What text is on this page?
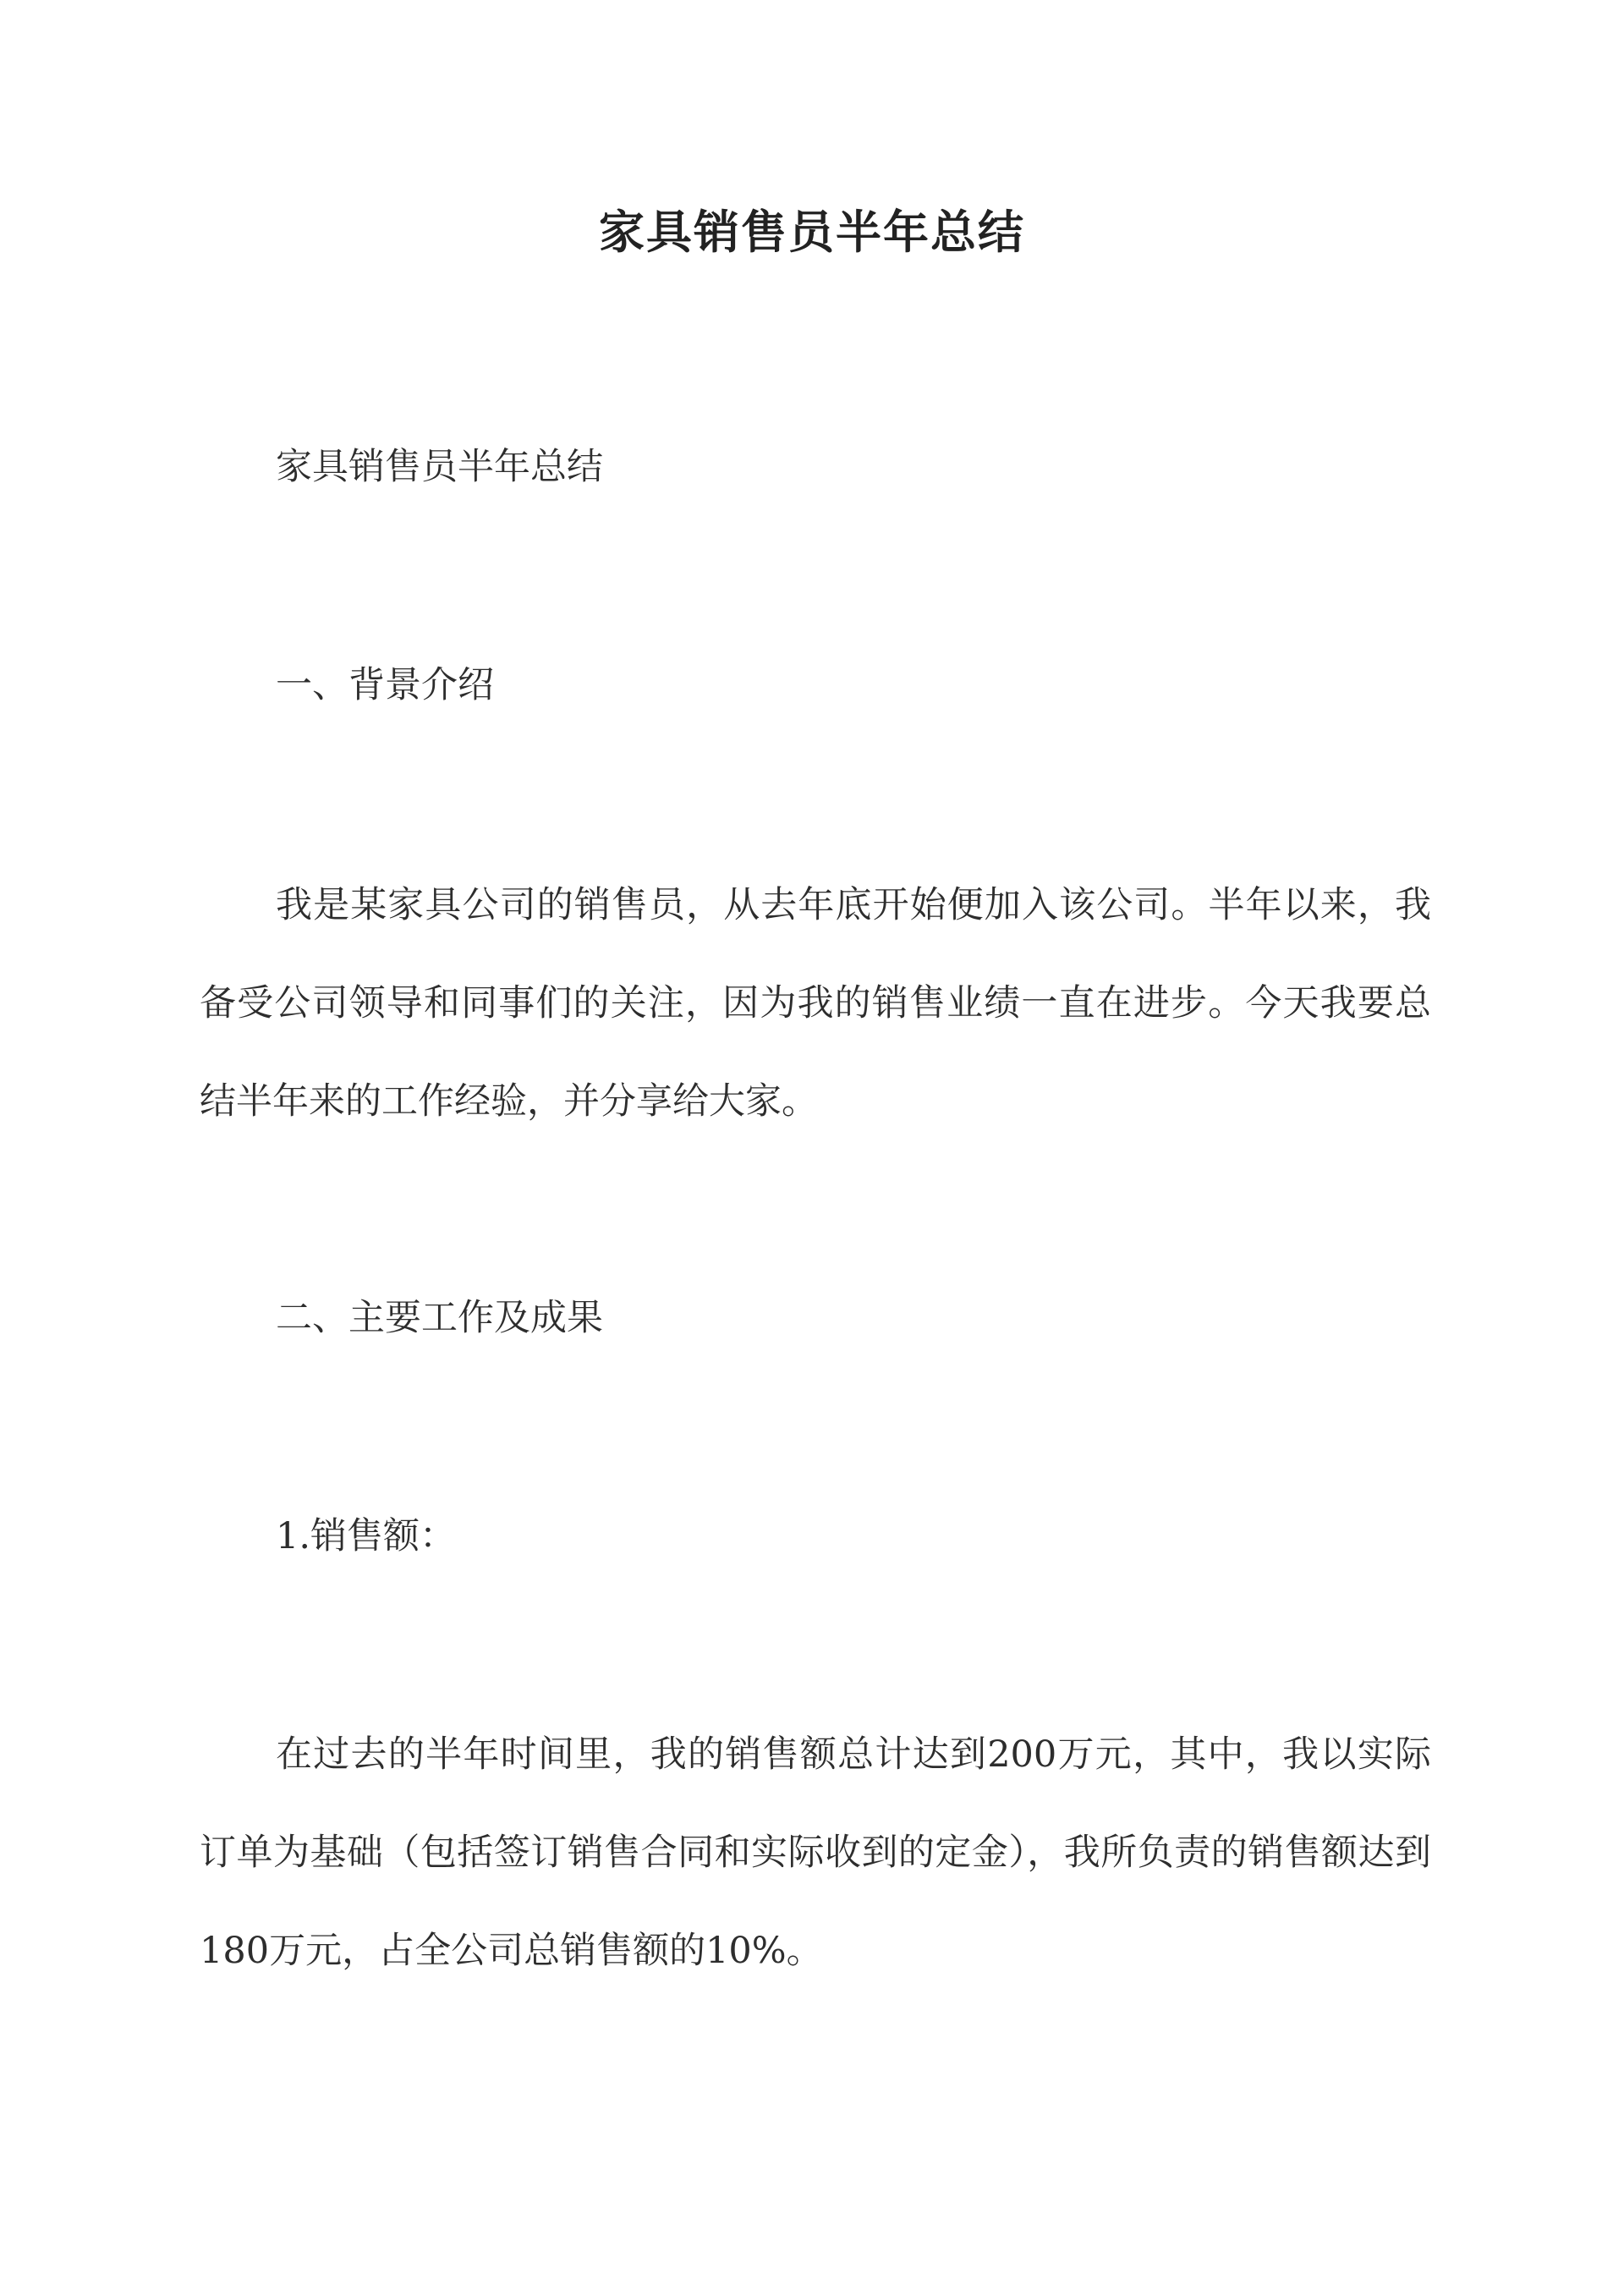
家具销售员半年总结

家具销售员半年总结

一、背景介绍

我是某家具公司的销售员，从去年底开始便加入该公司。半年以来，我备受公司领导和同事们的关注，因为我的销售业绩一直在进步。今天我要总结半年来的工作经验，并分享给大家。

二、主要工作及成果

1.销售额：

在过去的半年时间里，我的销售额总计达到200万元，其中，我以实际订单为基础（包括签订销售合同和实际收到的定金），我所负责的销售额达到180万元，占全公司总销售额的10%。
